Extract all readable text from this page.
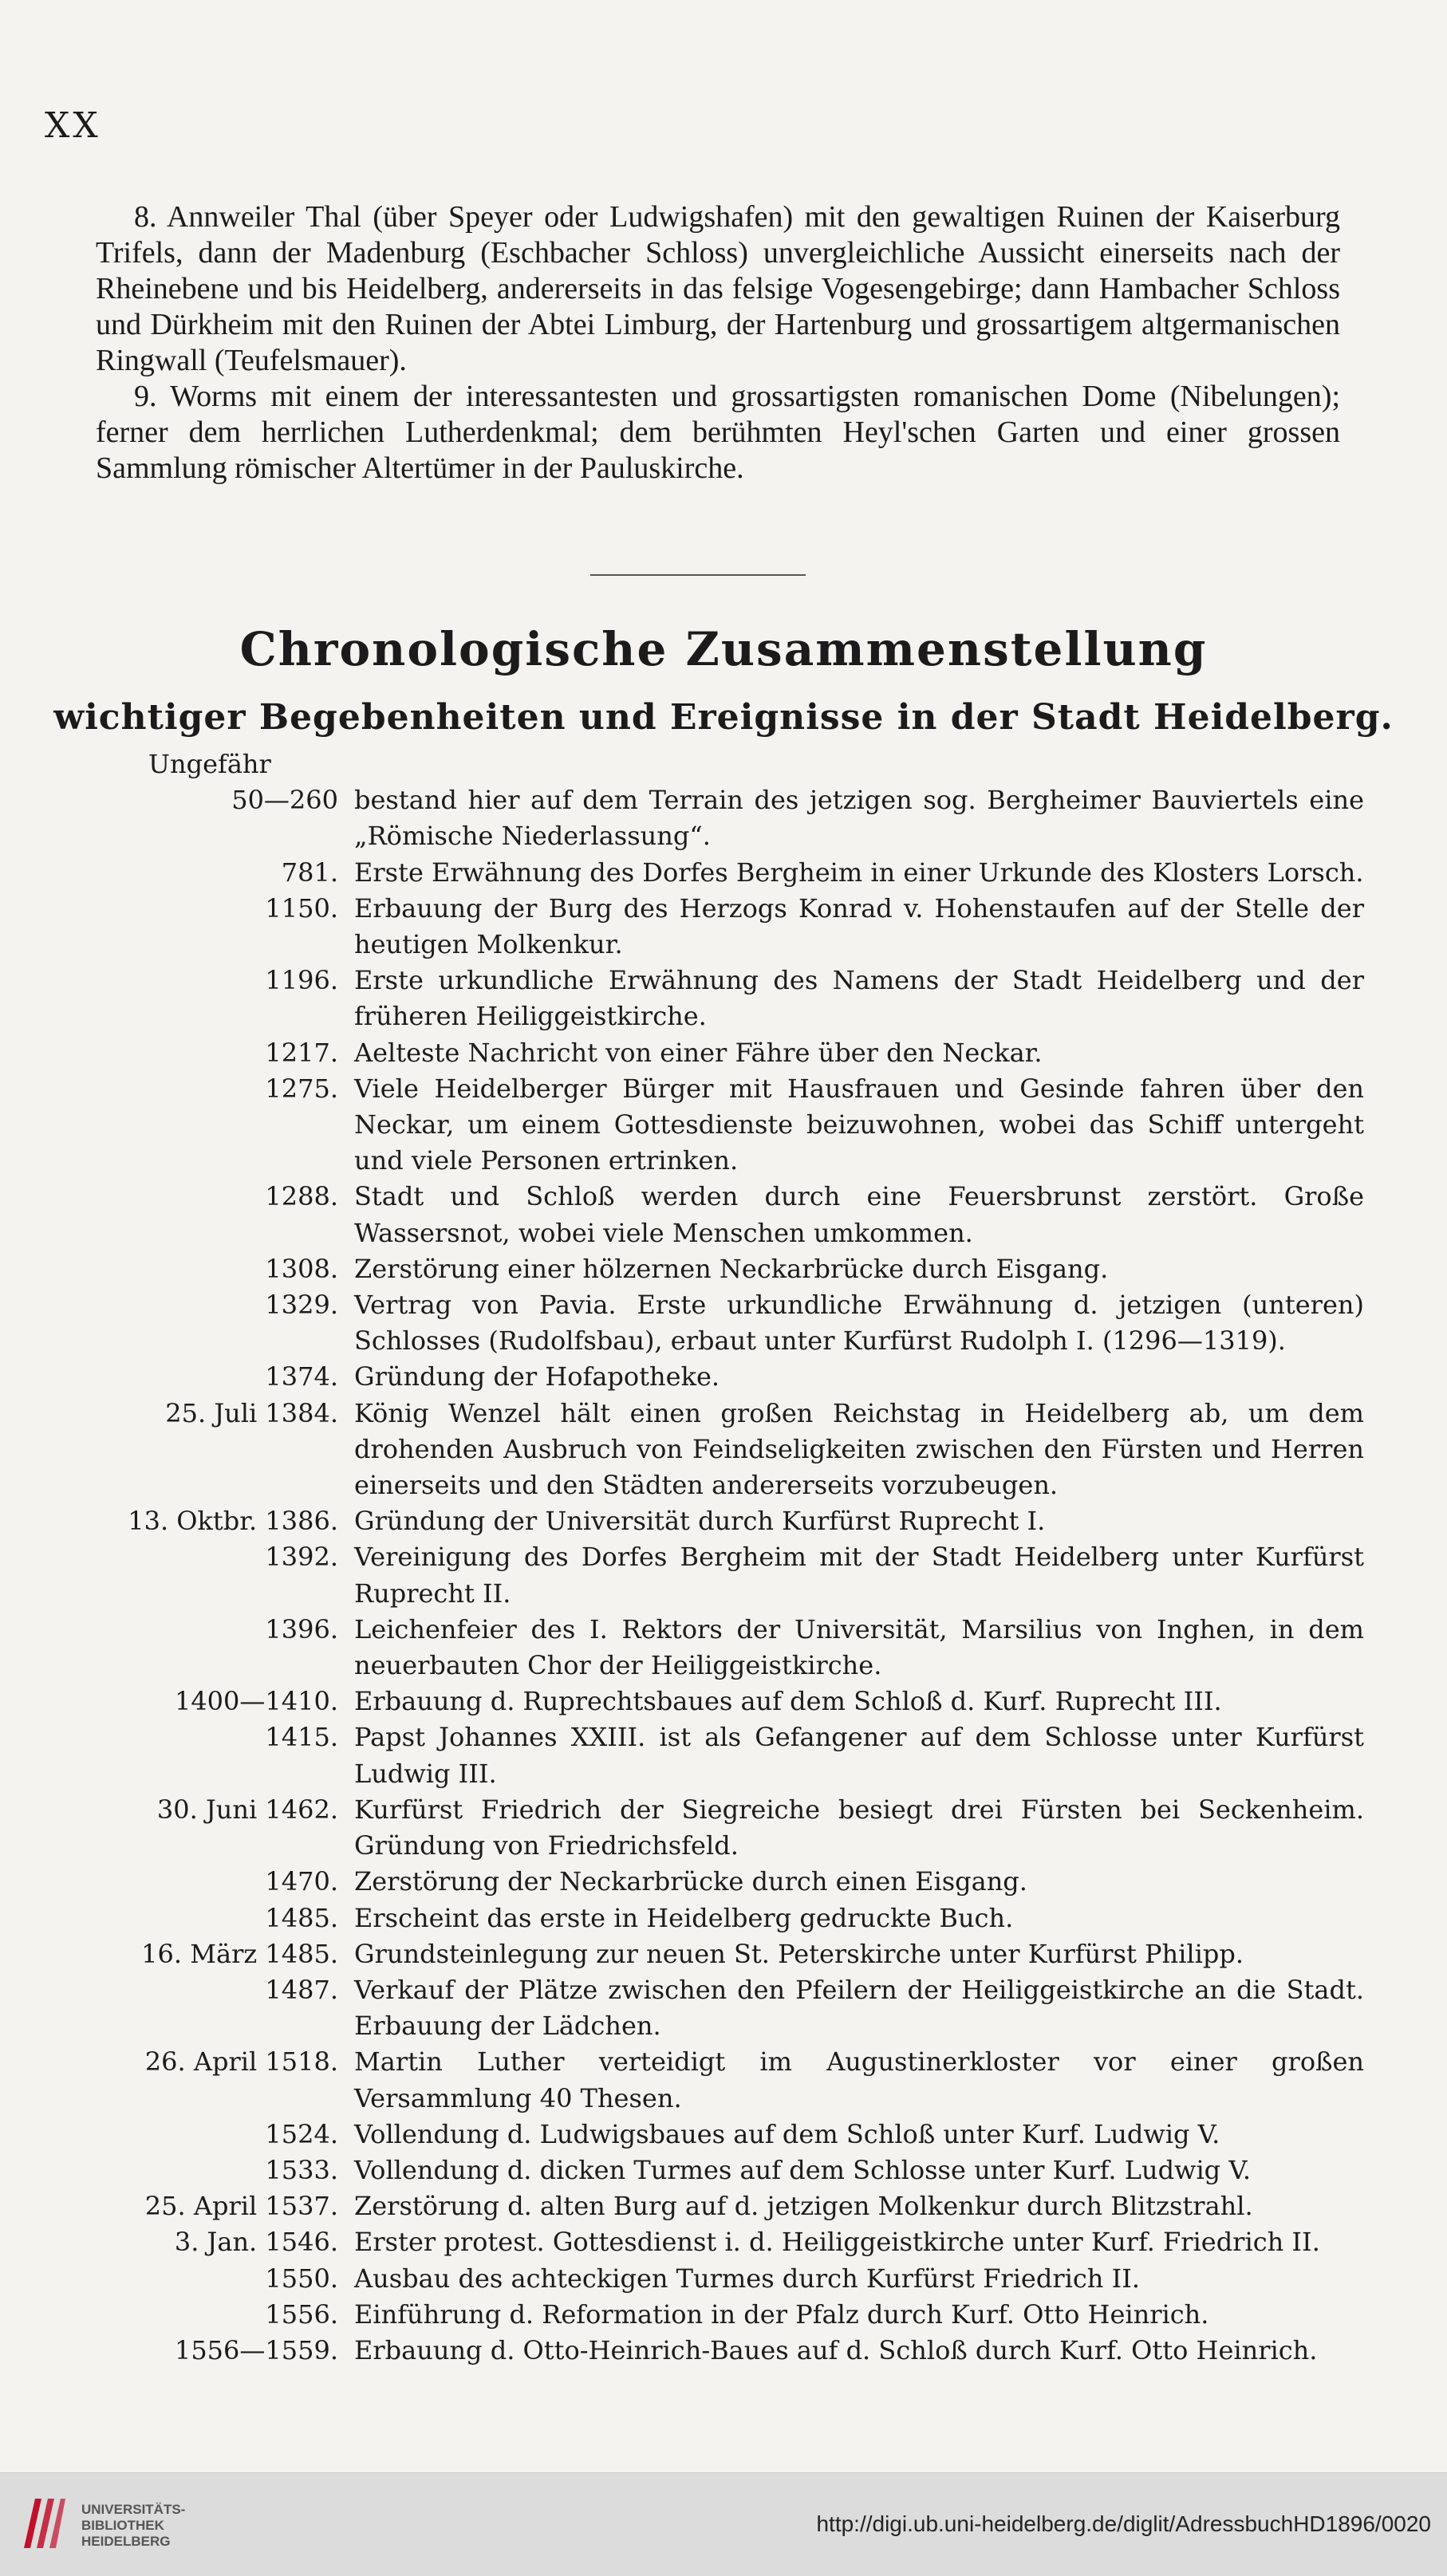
XX

8. Annweiler Thal (über Speyer oder Ludwigshafen) mit den gewaltigen Ruinen der Kaiserburg Trifels, dann der Madenburg (Eschbacher Schloss) unvergleichliche Aussicht einerseits nach der Rheinebene und bis Heidelberg, andererseits in das felsige Vogesengebirge; dann Hambacher Schloss und Dürkheim mit den Ruinen der Abtei Limburg, der Hartenburg und grossartigem altgermanischen Ringwall (Teufelsmauer).

9. Worms mit einem der interessantesten und grossartigsten romanischen Dome (Nibelungen); ferner dem herrlichen Lutherdenkmal; dem berühmten Heyl'schen Garten und einer grossen Sammlung römischer Altertümer in der Pauluskirche.

Chronologische Zusammenstellung
wichtiger Begebenheiten und Ereignisse in der Stadt Heidelberg.
Ungefähr
50—260 bestand hier auf dem Terrain des jetzigen sog. Bergheimer Bauviertels eine „Römische Niederlassung“.
781. Erste Erwähnung des Dorfes Bergheim in einer Urkunde des Klosters Lorsch.
1150. Erbauung der Burg des Herzogs Konrad v. Hohenstaufen auf der Stelle der heutigen Molkenkur.
1196. Erste urkundliche Erwähnung des Namens der Stadt Heidelberg und der früheren Heiliggeistkirche.
1217. Aelteste Nachricht von einer Fähre über den Neckar.
1275. Viele Heidelberger Bürger mit Hausfrauen und Gesinde fahren über den Neckar, um einem Gottesdienste beizuwohnen, wobei das Schiff untergeht und viele Personen ertrinken.
1288. Stadt und Schloß werden durch eine Feuersbrunst zerstört. Große Wassersnot, wobei viele Menschen umkommen.
1308. Zerstörung einer hölzernen Neckarbrücke durch Eisgang.
1329. Vertrag von Pavia. Erste urkundliche Erwähnung d. jetzigen (unteren) Schlosses (Rudolfsbau), erbaut unter Kurfürst Rudolph I. (1296—1319).
1374. Gründung der Hofapotheke.
25. Juli 1384. König Wenzel hält einen großen Reichstag in Heidelberg ab, um dem drohenden Ausbruch von Feindseligkeiten zwischen den Fürsten und Herren einerseits und den Städten andererseits vorzubeugen.
13. Oktbr. 1386. Gründung der Universität durch Kurfürst Ruprecht I.
1392. Vereinigung des Dorfes Bergheim mit der Stadt Heidelberg unter Kurfürst Ruprecht II.
1396. Leichenfeier des I. Rektors der Universität, Marsilius von Inghen, in dem neuerbauten Chor der Heiliggeistkirche.
1400—1410. Erbauung d. Ruprechtsbaues auf dem Schloß d. Kurf. Ruprecht III.
1415. Papst Johannes XXIII. ist als Gefangener auf dem Schlosse unter Kurfürst Ludwig III.
30. Juni 1462. Kurfürst Friedrich der Siegreiche besiegt drei Fürsten bei Seckenheim. Gründung von Friedrichsfeld.
1470. Zerstörung der Neckarbrücke durch einen Eisgang.
1485. Erscheint das erste in Heidelberg gedruckte Buch.
16. März 1485. Grundsteinlegung zur neuen St. Peterskirche unter Kurfürst Philipp.
1487. Verkauf der Plätze zwischen den Pfeilern der Heiliggeistkirche an die Stadt. Erbauung der Lädchen.
26. April 1518. Martin Luther verteidigt im Augustinerkloster vor einer großen Versammlung 40 Thesen.
1524. Vollendung d. Ludwigsbaues auf dem Schloß unter Kurf. Ludwig V.
1533. Vollendung d. dicken Turmes auf dem Schlosse unter Kurf. Ludwig V.
25. April 1537. Zerstörung d. alten Burg auf d. jetzigen Molkenkur durch Blitzstrahl.
3. Jan. 1546. Erster protest. Gottesdienst i. d. Heiliggeistkirche unter Kurf. Friedrich II.
1550. Ausbau des achteckigen Turmes durch Kurfürst Friedrich II.
1556. Einführung d. Reformation in der Pfalz durch Kurf. Otto Heinrich.
1556—1559. Erbauung d. Otto-Heinrich-Baues auf d. Schloß durch Kurf. Otto Heinrich.
UNIVERSITÄTS-
BIBLIOTHEK
HEIDELBERG
http://digi.ub.uni-heidelberg.de/diglit/AdressbuchHD1896/0020
